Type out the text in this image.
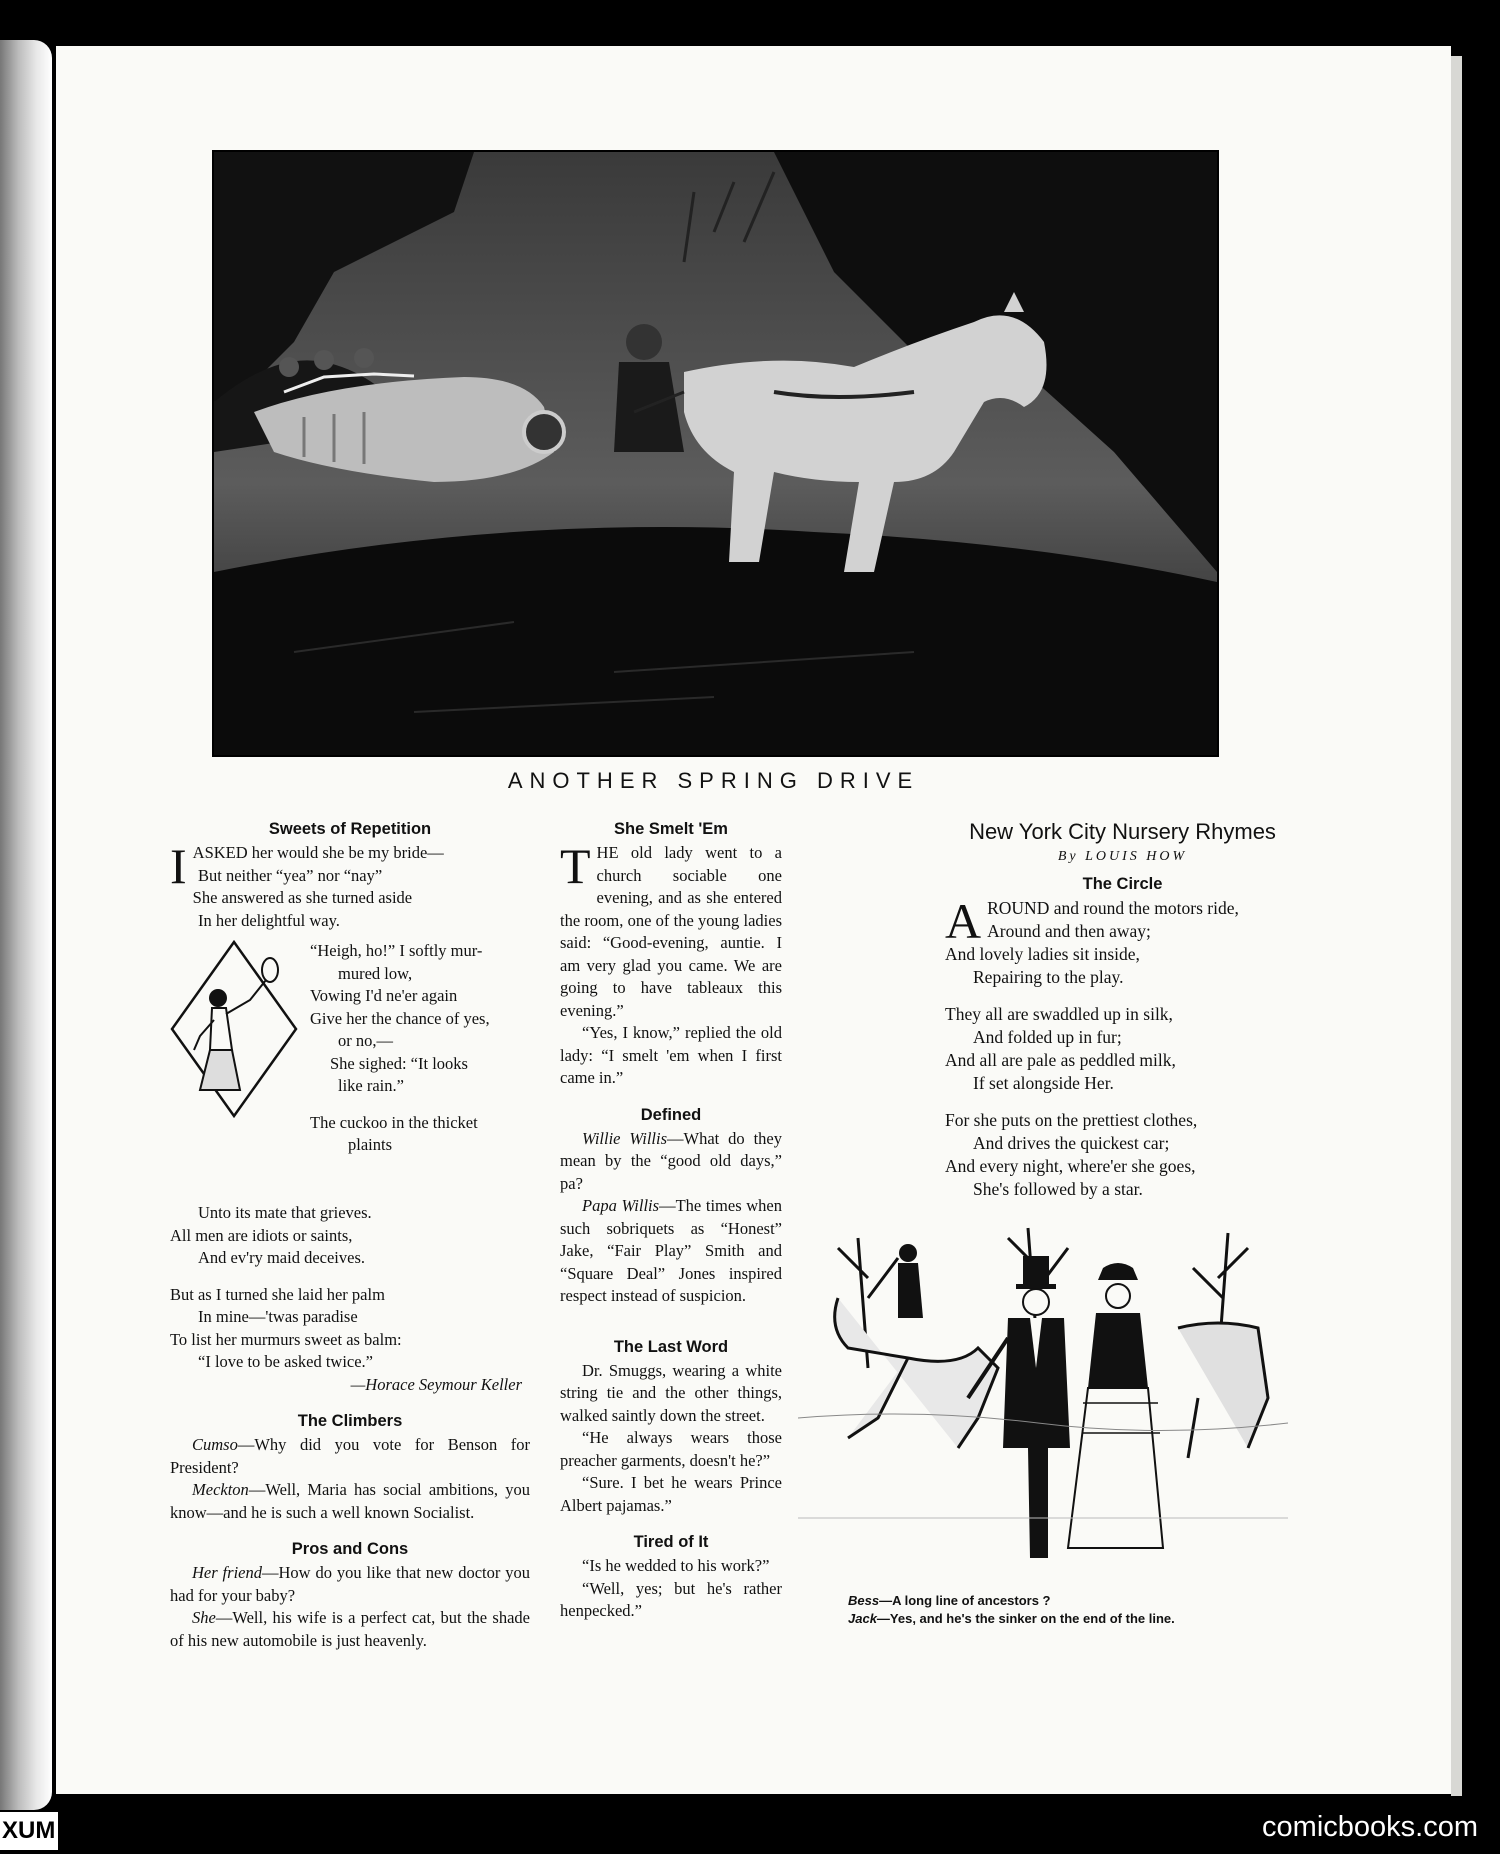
ANOTHER SPRING DRIVE
Sweets of Repetition
I ASKED her would she be my bride—
But neither “yea” nor “nay”
She answered as she turned aside
In her delightful way.
“Heigh, ho!” I softly mur-
mured low,
Vowing I'd ne'er again
Give her the chance of yes,
or no,—
She sighed: “It looks
like rain.”
The cuckoo in the thicket
plaints
Unto its mate that grieves.
All men are idiots or saints,
And ev'ry maid deceives.
But as I turned she laid her palm
In mine—'twas paradise
To list her murmurs sweet as balm:
“I love to be asked twice.”
—Horace Seymour Keller
The Climbers

Cumso—Why did you vote for Benson for President?

Meckton—Well, Maria has social ambitions, you know—and he is such a well known Socialist.

Pros and Cons

Her friend—How do you like that new doctor you had for your baby?

She—Well, his wife is a perfect cat, but the shade of his new automobile is just heavenly.

She Smelt 'Em

THE old lady went to a church sociable one evening, and as she entered the room, one of the young ladies said: “Good-evening, auntie. I am very glad you came. We are going to have tableaux this evening.”

“Yes, I know,” replied the old lady: “I smelt 'em when I first came in.”

Defined

Willie Willis—What do they mean by the “good old days,” pa?

Papa Willis—The times when such sobriquets as “Honest” Jake, “Fair Play” Smith and “Square Deal” Jones inspired respect instead of suspicion.

The Last Word

Dr. Smuggs, wearing a white string tie and the other things, walked saintly down the street.

“He always wears those preacher garments, doesn't he?”

“Sure. I bet he wears Prince Albert pajamas.”

Tired of It

“Is he wedded to his work?”

“Well, yes; but he's rather henpecked.”

New York City Nursery Rhymes
By LOUIS HOW
The Circle
A ROUND and round the motors ride,
Around and then away;
And lovely ladies sit inside,
Repairing to the play.
They all are swaddled up in silk,
And folded up in fur;
And all are pale as peddled milk,
If set alongside Her.
For she puts on the prettiest clothes,
And drives the quickest car;
And every night, where'er she goes,
She's followed by a star.
Bess—A long line of ancestors ?
Jack—Yes, and he's the sinker on the end of the line.
XUM	comicbooks.com
